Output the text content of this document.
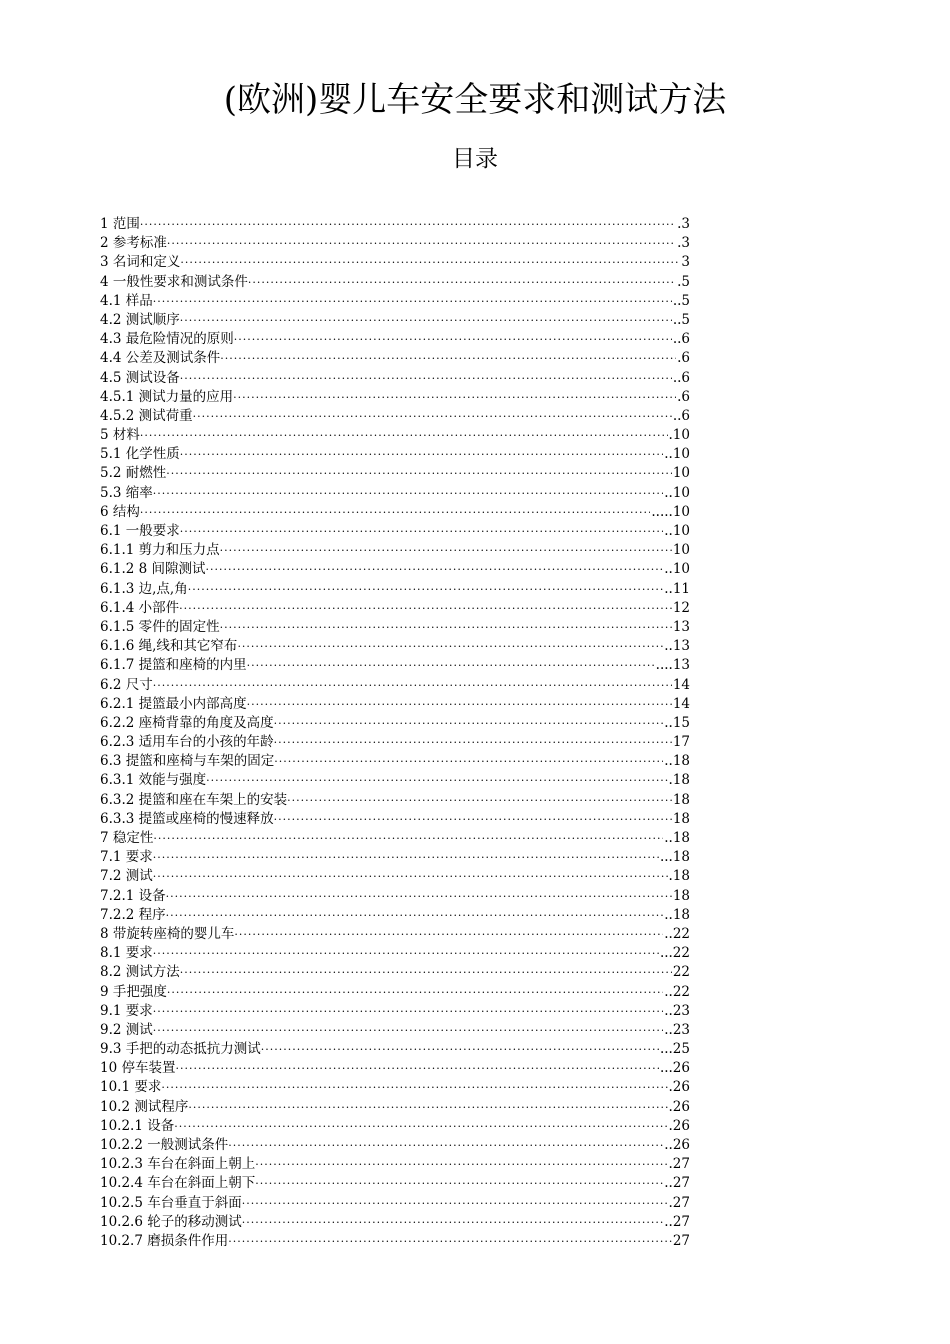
(欧洲)婴儿车安全要求和测试方法
目录
1 范围 ·····	.3
2 参考标准 ·····	.3
3 名词和定义 ·····	3
4 一般性要求和测试条件 ·····	.5
4.1 样品 ·····	..5
4.2 测试顺序 ·····	..5
4.3 最危险情况的原则 ·····	..6
4.4 公差及测试条件 ·····	.6
4.5 测试设备 ·····	..6
4.5.1 测试力量的应用 ·····	.6
4.5.2 测试荷重 ·····	..6
5 材料 ·····	.10
5.1 化学性质 ·····	..10
5.2 耐燃性 ·····	10
5.3 缩率 ·····	..10
6 结构 ·····	.....10
6.1 一般要求 ·····	..10
6.1.1 剪力和压力点 ·····	10
6.1.2 8 间隙测试 ·····	..10
6.1.3 边,点,角 ·····	..11
6.1.4 小部件 ·····	12
6.1.5 零件的固定性 ·····	13
6.1.6 绳,线和其它窄布 ·····	..13
6.1.7 提篮和座椅的内里 ·····	....13
6.2 尺寸 ·····	14
6.2.1 提篮最小内部高度 ·····	14
6.2.2 座椅背靠的角度及高度 ·····	..15
6.2.3 适用车台的小孩的年龄 ·····	17
6.3 提篮和座椅与车架的固定 ·····	..18
6.3.1 效能与强度 ·····	.18
6.3.2 提篮和座在车架上的安装 ·····	18
6.3.3 提篮或座椅的慢速释放 ·····	18
7 稳定性 ·····	..18
7.1 要求 ·····	...18
7.2 测试 ·····	.18
7.2.1 设备 ·····	18
7.2.2 程序 ·····	..18
8 带旋转座椅的婴儿车 ·····	..22
8.1 要求 ·····	...22
8.2 测试方法 ·····	22
9 手把强度 ·····	..22
9.1 要求 ·····	..23
9.2 测试 ·····	..23
9.3 手把的动态抵抗力测试 ·····	...25
10 停车装置 ·····	...26
10.1 要求 ·····	.26
10.2 测试程序 ·····	.26
10.2.1 设备 ·····	.26
10.2.2 一般测试条件 ·····	..26
10.2.3 车台在斜面上朝上 ·····	.27
10.2.4 车台在斜面上朝下 ·····	..27
10.2.5 车台垂直于斜面 ·····	.27
10.2.6 轮子的移动测试 ·····	..27
10.2.7 磨损条件作用 ·····	27
